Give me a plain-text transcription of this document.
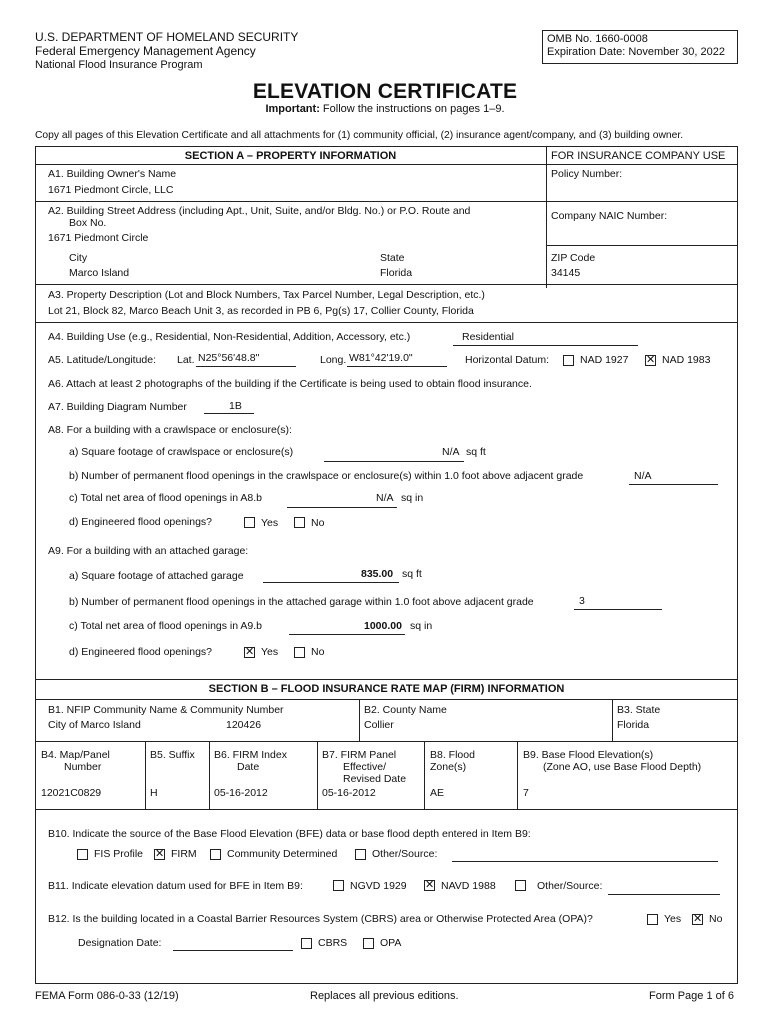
U.S. DEPARTMENT OF HOMELAND SECURITY
Federal Emergency Management Agency
National Flood Insurance Program
OMB No. 1660-0008
Expiration Date: November 30, 2022
ELEVATION CERTIFICATE
Important: Follow the instructions on pages 1–9.
Copy all pages of this Elevation Certificate and all attachments for (1) community official, (2) insurance agent/company, and (3) building owner.
SECTION A – PROPERTY INFORMATION	FOR INSURANCE COMPANY USE
A1. Building Owner's Name
1671 Piedmont Circle, LLC
Policy Number:
A2. Building Street Address (including Apt., Unit, Suite, and/or Bldg. No.) or P.O. Route and
Box No.
1671 Piedmont Circle
Company NAIC Number:
City
Marco Island
State
Florida
ZIP Code
34145
A3. Property Description (Lot and Block Numbers, Tax Parcel Number, Legal Description, etc.)
Lot 21, Block 82, Marco Beach Unit 3, as recorded in PB 6, Pg(s) 17, Collier County, Florida
A4. Building Use (e.g., Residential, Non-Residential, Addition, Accessory, etc.)	Residential
A5. Latitude/Longitude: Lat. N25°56'48.8"	Long. W81°42'19.0"	Horizontal Datum:	NAD 1927 ✕ NAD 1983
A6. Attach at least 2 photographs of the building if the Certificate is being used to obtain flood insurance.
A7. Building Diagram Number	1B
A8. For a building with a crawlspace or enclosure(s):
a) Square footage of crawlspace or enclosure(s)	N/A sq ft
b) Number of permanent flood openings in the crawlspace or enclosure(s) within 1.0 foot above adjacent grade	N/A
c) Total net area of flood openings in A8.b	N/A sq in
d) Engineered flood openings?	Yes	No
A9. For a building with an attached garage:
a) Square footage of attached garage	835.00 sq ft
b) Number of permanent flood openings in the attached garage within 1.0 foot above adjacent grade	3
c) Total net area of flood openings in A9.b	1000.00 sq in
d) Engineered flood openings?	✕ Yes	No
SECTION B – FLOOD INSURANCE RATE MAP (FIRM) INFORMATION
B1. NFIP Community Name & Community Number
City of Marco Island	120426
B2. County Name
Collier
B3. State
Florida
B4. Map/Panel
Number
12021C0829
B5. Suffix
H
B6. FIRM Index
Date
05-16-2012
B7. FIRM Panel
Effective/
Revised Date
05-16-2012
B8. Flood
Zone(s)
AE
B9. Base Flood Elevation(s)
(Zone AO, use Base Flood Depth)
7
B10. Indicate the source of the Base Flood Elevation (BFE) data or base flood depth entered in Item B9:
FIS Profile ✕ FIRM	Community Determined	Other/Source:
B11. Indicate elevation datum used for BFE in Item B9:	NGVD 1929 ✕ NAVD 1988	Other/Source:
B12. Is the building located in a Coastal Barrier Resources System (CBRS) area or Otherwise Protected Area (OPA)?	Yes ✕ No
Designation Date:	CBRS	OPA
FEMA Form 086-0-33 (12/19)	Replaces all previous editions.	Form Page 1 of 6
